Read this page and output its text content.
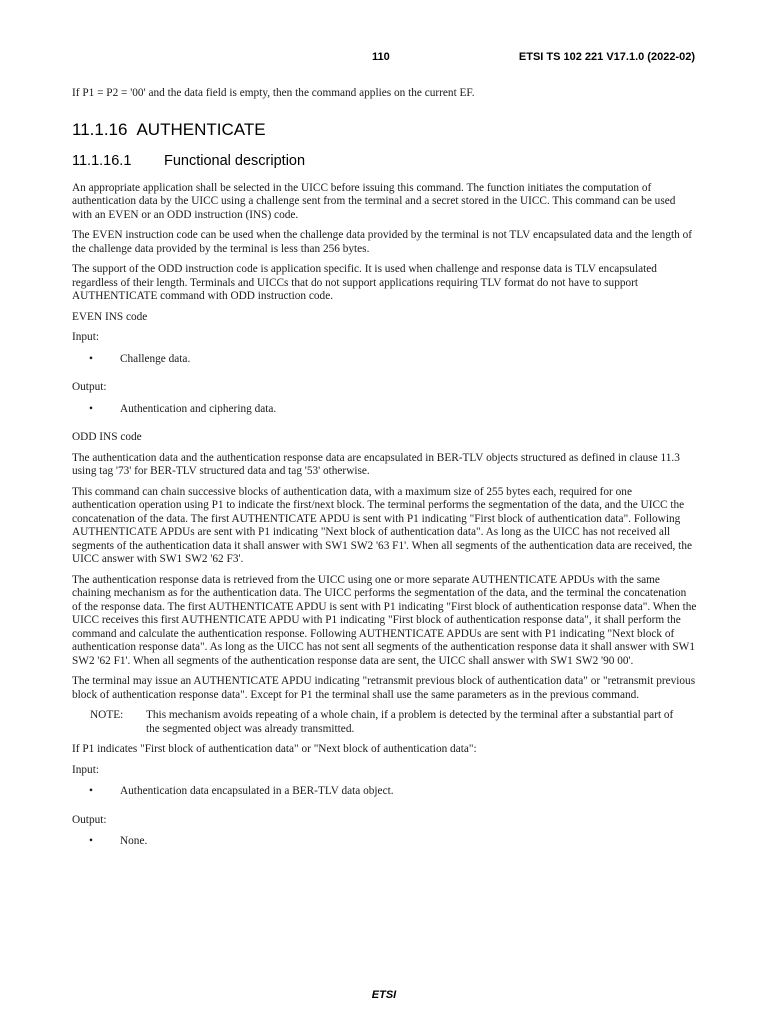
110	ETSI TS 102 221 V17.1.0 (2022-02)

If P1 = P2 = '00' and the data field is empty, then the command applies on the current EF.

11.1.16 AUTHENTICATE
11.1.16.1 Functional description

An appropriate application shall be selected in the UICC before issuing this command. The function initiates the computation of authentication data by the UICC using a challenge sent from the terminal and a secret stored in the UICC. This command can be used with an EVEN or an ODD instruction (INS) code.

The EVEN instruction code can be used when the challenge data provided by the terminal is not TLV encapsulated data and the length of the challenge data provided by the terminal is less than 256 bytes.

The support of the ODD instruction code is application specific. It is used when challenge and response data is TLV encapsulated regardless of their length. Terminals and UICCs that do not support applications requiring TLV format do not have to support AUTHENTICATE command with ODD instruction code.

EVEN INS code

Input:

•	Challenge data.

Output:

•	Authentication and ciphering data.

ODD INS code

The authentication data and the authentication response data are encapsulated in BER-TLV objects structured as defined in clause 11.3 using tag '73' for BER-TLV structured data and tag '53' otherwise.

This command can chain successive blocks of authentication data, with a maximum size of 255 bytes each, required for one authentication operation using P1 to indicate the first/next block. The terminal performs the segmentation of the data, and the UICC the concatenation of the data. The first AUTHENTICATE APDU is sent with P1 indicating "First block of authentication data". Following AUTHENTICATE APDUs are sent with P1 indicating "Next block of authentication data". As long as the UICC has not received all segments of the authentication data it shall answer with SW1 SW2 '63 F1'. When all segments of the authentication data are received, the UICC answer with SW1 SW2 '62 F3'.

The authentication response data is retrieved from the UICC using one or more separate AUTHENTICATE APDUs with the same chaining mechanism as for the authentication data. The UICC performs the segmentation of the data, and the terminal the concatenation of the response data. The first AUTHENTICATE APDU is sent with P1 indicating "First block of authentication response data". When the UICC receives this first AUTHENTICATE APDU with P1 indicating "First block of authentication response data", it shall perform the command and calculate the authentication response. Following AUTHENTICATE APDUs are sent with P1 indicating "Next block of authentication response data". As long as the UICC has not sent all segments of the authentication response data it shall answer with SW1 SW2 '62 F1'. When all segments of the authentication response data are sent, the UICC shall answer with SW1 SW2 '90 00'.

The terminal may issue an AUTHENTICATE APDU indicating "retransmit previous block of authentication data" or "retransmit previous block of authentication response data". Except for P1 the terminal shall use the same parameters as in the previous command.

NOTE:	This mechanism avoids repeating of a whole chain, if a problem is detected by the terminal after a substantial part of the segmented object was already transmitted.

If P1 indicates "First block of authentication data" or "Next block of authentication data":

Input:

•	Authentication data encapsulated in a BER-TLV data object.

Output:

•	None.
ETSI
